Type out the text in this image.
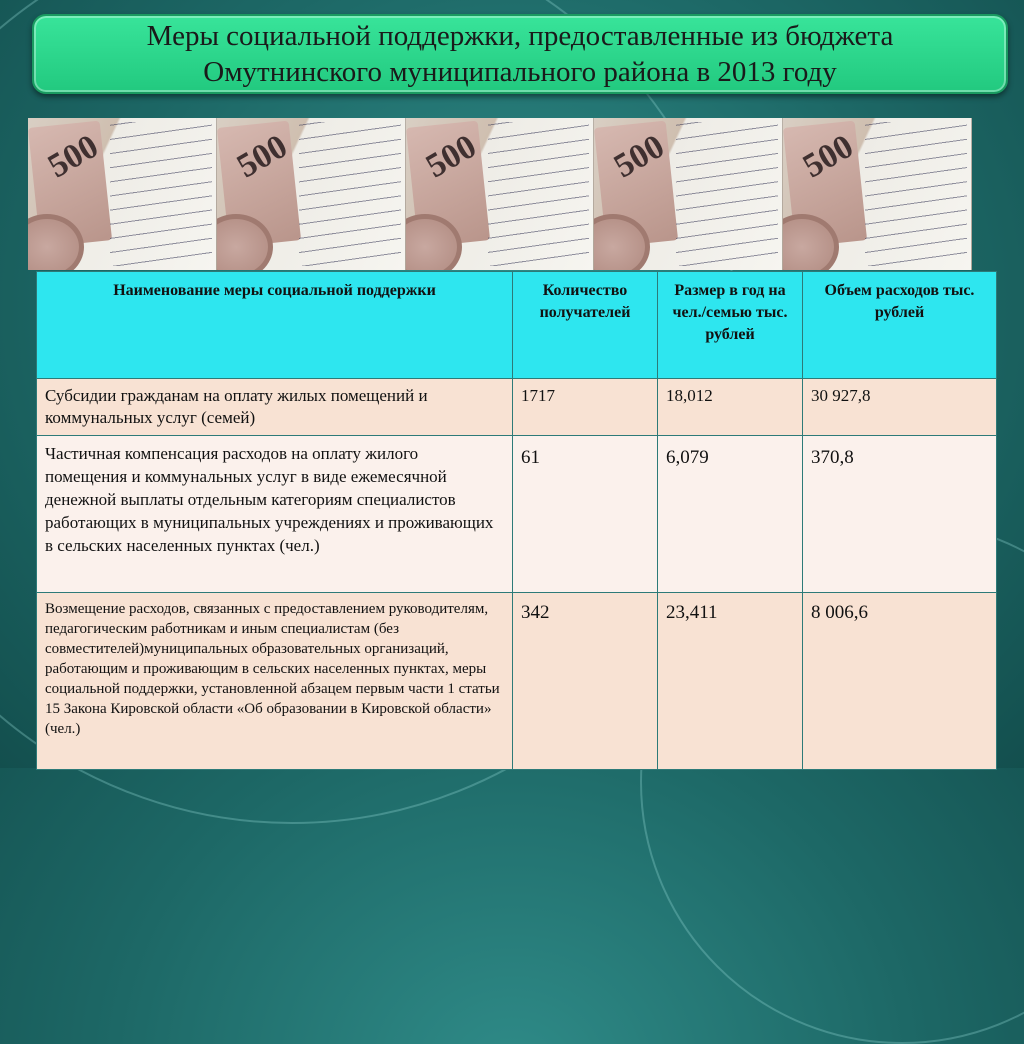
Меры социальной поддержки, предоставленные из бюджета
Омутнинского муниципального района в 2013 году
500	500	500	500	500
Наименование меры социальной поддержки	Количество получателей	Размер в год на чел./семью тыс. рублей	Объем расходов тыс. рублей
Субсидии гражданам на оплату жилых помещений и коммунальных услуг (семей)	1717	18,012	30 927,8
Частичная компенсация расходов на оплату жилого помещения и коммунальных услуг в виде ежемесячной денежной выплаты отдельным категориям специалистов работающих в муниципальных учреждениях и проживающих в сельских населенных пунктах (чел.)	61	6,079	370,8
Возмещение расходов, связанных с предоставлением руководителям, педагогическим работникам и иным специалистам (без совместителей)муниципальных образовательных организаций, работающим и проживающим в сельских населенных пунктах, меры социальной поддержки, установленной абзацем первым части 1 статьи 15 Закона Кировской области «Об образовании в Кировской области» (чел.)	342	23,411	8 006,6
